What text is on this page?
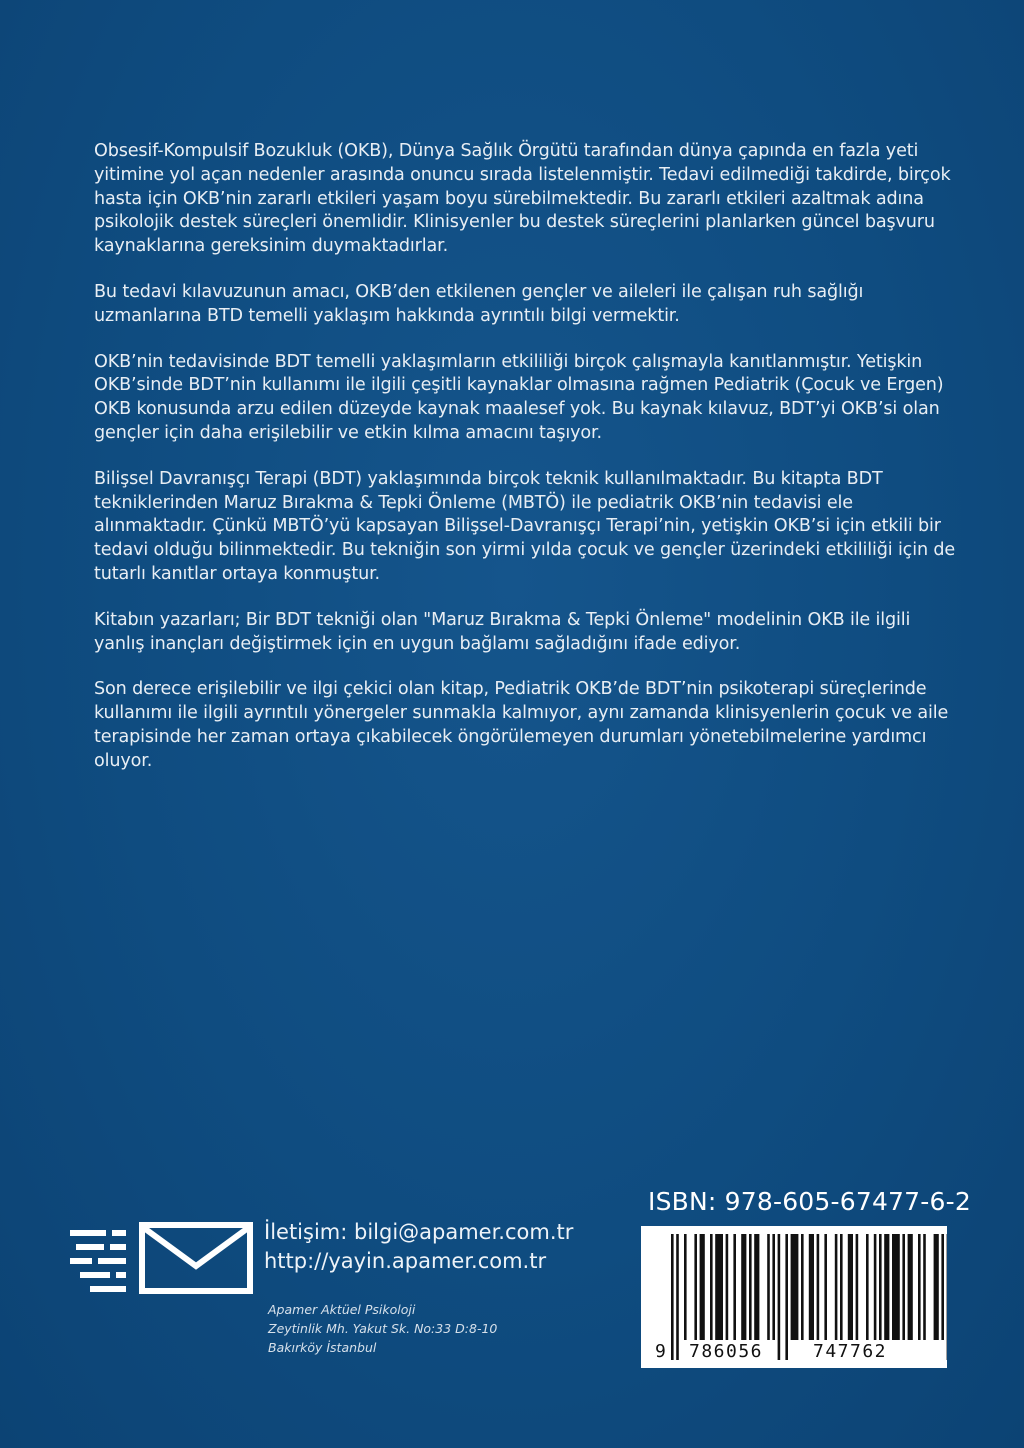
Obsesif-Kompulsif Bozukluk (OKB), Dünya Sağlık Örgütü tarafından dünya çapında en fazla yeti yitimine yol açan nedenler arasında onuncu sırada listelenmiştir. Tedavi edilmediği takdirde, birçok hasta için OKB’nin zararlı etkileri yaşam boyu sürebilmektedir. Bu zararlı etkileri azaltmak adına psikolojik destek süreçleri önemlidir. Klinisyenler bu destek süreçlerini planlarken güncel başvuru kaynaklarına gereksinim duymaktadırlar.

Bu tedavi kılavuzunun amacı, OKB’den etkilenen gençler ve aileleri ile çalışan ruh sağlığı uzmanlarına BTD temelli yaklaşım hakkında ayrıntılı bilgi vermektir.

OKB’nin tedavisinde BDT temelli yaklaşımların etkililiği birçok çalışmayla kanıtlanmıştır. Yetişkin OKB’sinde BDT’nin kullanımı ile ilgili çeşitli kaynaklar olmasına rağmen Pediatrik (Çocuk ve Ergen) OKB konusunda arzu edilen düzeyde kaynak maalesef yok. Bu kaynak kılavuz, BDT’yi OKB’si olan gençler için daha erişilebilir ve etkin kılma amacını taşıyor.

Bilişsel Davranışçı Terapi (BDT) yaklaşımında birçok teknik kullanılmaktadır. Bu kitapta BDT tekniklerinden Maruz Bırakma & Tepki Önleme (MBTÖ) ile pediatrik OKB’nin tedavisi ele alınmaktadır. Çünkü MBTÖ’yü kapsayan Bilişsel-Davranışçı Terapi’nin, yetişkin OKB’si için etkili bir tedavi olduğu bilinmektedir. Bu tekniğin son yirmi yılda çocuk ve gençler üzerindeki etkililiği için de tutarlı kanıtlar ortaya konmuştur.

Kitabın yazarları; Bir BDT tekniği olan "Maruz Bırakma & Tepki Önleme" modelinin OKB ile ilgili yanlış inançları değiştirmek için en uygun bağlamı sağladığını ifade ediyor.

Son derece erişilebilir ve ilgi çekici olan kitap, Pediatrik OKB’de BDT’nin psikoterapi süreçlerinde kullanımı ile ilgili ayrıntılı yönergeler sunmakla kalmıyor, aynı zamanda klinisyenlerin çocuk ve aile terapisinde her zaman ortaya çıkabilecek öngörülemeyen durumları yönetebilmelerine yardımcı oluyor.

İletişim: bilgi@apamer.com.tr
http://yayin.apamer.com.tr
Apamer Aktüel Psikoloji
Zeytinlik Mh. Yakut Sk. No:33 D:8-10
Bakırköy İstanbul
ISBN: 978-605-67477-6-2
9 786056	747762
